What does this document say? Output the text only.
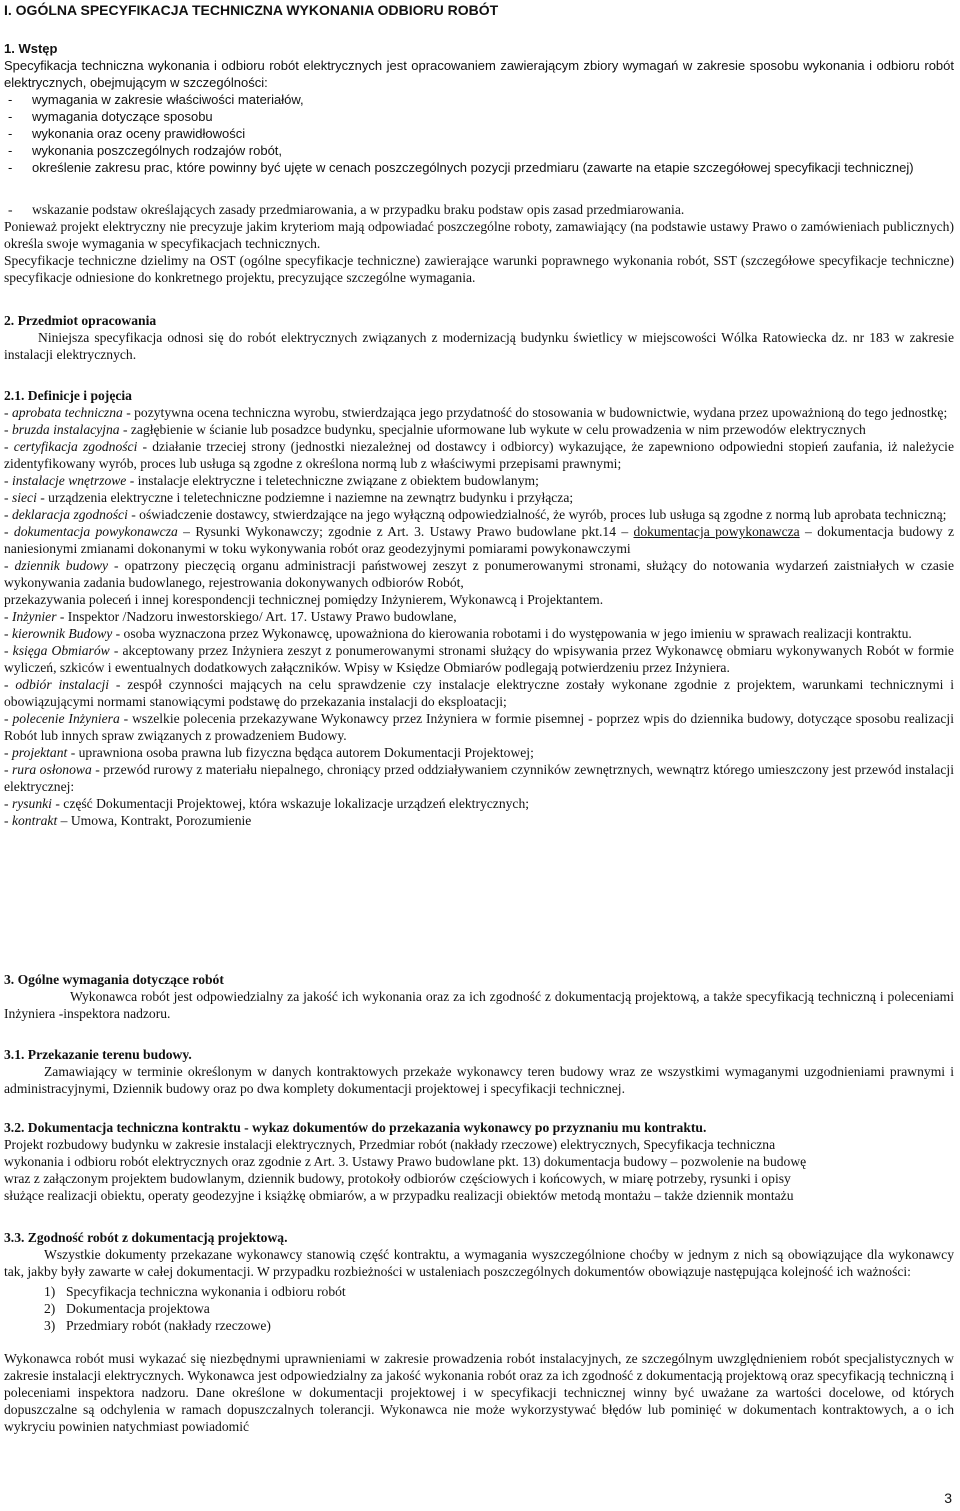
I. OGÓLNA SPECYFIKACJA TECHNICZNA WYKONANIA ODBIORU ROBÓT

1. Wstęp

Specyfikacja techniczna wykonania i odbioru robót elektrycznych jest opracowaniem zawierającym zbiory wymagań w zakresie sposobu wykonania i odbioru robót elektrycznych, obejmującym w szczególności:

-	wymagania w zakresie właściwości materiałów,
-	wymagania dotyczące sposobu
-	wykonania oraz oceny prawidłowości
-	wykonania poszczególnych rodzajów robót,
-	określenie zakresu prac, które powinny być ujęte w cenach poszczególnych pozycji przedmiaru (zawarte na etapie szczegółowej specyfikacji technicznej)
-	wskazanie podstaw określających zasady przedmiarowania, a w przypadku braku podstaw opis zasad przedmiarowania.

Ponieważ projekt elektryczny nie precyzuje jakim kryteriom mają odpowiadać poszczególne roboty, zamawiający (na podstawie ustawy Prawo o zamówieniach publicznych) określa swoje wymagania w specyfikacjach technicznych.

Specyfikacje techniczne dzielimy na OST (ogólne specyfikacje techniczne) zawierające warunki poprawnego wykonania robót, SST (szczegółowe specyfikacje techniczne) specyfikacje odniesione do konkretnego projektu, precyzujące szczególne wymagania.

2. Przedmiot opracowania

Niniejsza specyfikacja odnosi się do robót elektrycznych związanych z modernizacją budynku świetlicy w miejscowości Wólka Ratowiecka dz. nr 183 w zakresie instalacji elektrycznych.

2.1. Definicje i pojęcia

- aprobata techniczna - pozytywna ocena techniczna wyrobu, stwierdzająca jego przydatność do stosowania w budownictwie, wydana przez upoważnioną do tego jednostkę;

- bruzda instalacyjna - zagłębienie w ścianie lub posadzce budynku, specjalnie uformowane lub wykute w celu prowadzenia w nim przewodów elektrycznych

- certyfikacja zgodności - działanie trzeciej strony (jednostki niezależnej od dostawcy i odbiorcy) wykazujące, że zapewniono odpowiedni stopień zaufania, iż należycie zidentyfikowany wyrób, proces lub usługa są zgodne z określona normą lub z właściwymi przepisami prawnymi;

- instalacje wnętrzowe - instalacje elektryczne i teletechniczne związane z obiektem budowlanym;

- sieci - urządzenia elektryczne i teletechniczne podziemne i naziemne na zewnątrz budynku i przyłącza;

- deklaracja zgodności - oświadczenie dostawcy, stwierdzające na jego wyłączną odpowiedzialność, że wyrób, proces lub usługa są zgodne z normą lub aprobata techniczną;

- dokumentacja powykonawcza – Rysunki Wykonawczy; zgodnie z Art. 3. Ustawy Prawo budowlane pkt.14 – dokumentacja powykonawcza – dokumentacja budowy z naniesionymi zmianami dokonanymi w toku wykonywania robót oraz geodezyjnymi pomiarami powykonawczymi

- dziennik budowy - opatrzony pieczęcią organu administracji państwowej zeszyt z ponumerowanymi stronami, służący do notowania wydarzeń zaistniałych w czasie wykonywania zadania budowlanego, rejestrowania dokonywanych odbiorów Robót,

przekazywania poleceń i innej korespondencji technicznej pomiędzy Inżynierem, Wykonawcą i Projektantem.

- Inżynier - Inspektor /Nadzoru inwestorskiego/ Art. 17. Ustawy Prawo budowlane,

- kierownik Budowy - osoba wyznaczona przez Wykonawcę, upoważniona do kierowania robotami i do występowania w jego imieniu w sprawach realizacji kontraktu.

- księga Obmiarów - akceptowany przez Inżyniera zeszyt z ponumerowanymi stronami służący do wpisywania przez Wykonawcę obmiaru wykonywanych Robót w formie wyliczeń, szkiców i ewentualnych dodatkowych załączników. Wpisy w Księdze Obmiarów podlegają potwierdzeniu przez Inżyniera.

- odbiór instalacji - zespół czynności mających na celu sprawdzenie czy instalacje elektryczne zostały wykonane zgodnie z projektem, warunkami technicznymi i obowiązującymi normami stanowiącymi podstawę do przekazania instalacji do eksploatacji;

- polecenie Inżyniera - wszelkie polecenia przekazywane Wykonawcy przez Inżyniera w formie pisemnej - poprzez wpis do dziennika budowy, dotyczące sposobu realizacji Robót lub innych spraw związanych z prowadzeniem Budowy.

- projektant - uprawniona osoba prawna lub fizyczna będąca autorem Dokumentacji Projektowej;

- rura osłonowa - przewód rurowy z materiału niepalnego, chroniący przed oddziaływaniem czynników zewnętrznych, wewnątrz którego umieszczony jest przewód instalacji elektrycznej:

- rysunki - część Dokumentacji Projektowej, która wskazuje lokalizacje urządzeń elektrycznych;

- kontrakt – Umowa, Kontrakt, Porozumienie

3. Ogólne wymagania dotyczące robót

Wykonawca robót jest odpowiedzialny za jakość ich wykonania oraz za ich zgodność z dokumentacją projektową, a także specyfikacją techniczną i poleceniami Inżyniera -inspektora nadzoru.

3.1. Przekazanie terenu budowy.

Zamawiający w terminie określonym w danych kontraktowych przekaże wykonawcy teren budowy wraz ze wszystkimi wymaganymi uzgodnieniami prawnymi i administracyjnymi, Dziennik budowy oraz po dwa komplety dokumentacji projektowej i specyfikacji technicznej.

3.2. Dokumentacja techniczna kontraktu - wykaz dokumentów do przekazania wykonawcy po przyznaniu mu kontraktu.

Projekt rozbudowy budynku w zakresie instalacji elektrycznych, Przedmiar robót (nakłady rzeczowe) elektrycznych, Specyfikacja techniczna

wykonania i odbioru robót elektrycznych oraz zgodnie z Art. 3. Ustawy Prawo budowlane pkt. 13) dokumentacja budowy – pozwolenie na budowę

wraz z załączonym projektem budowlanym, dziennik budowy, protokoły odbiorów częściowych i końcowych, w miarę potrzeby, rysunki i opisy

służące realizacji obiektu, operaty geodezyjne i książkę obmiarów, a w przypadku realizacji obiektów metodą montażu – także dziennik montażu

3.3. Zgodność robót z dokumentacją projektową.

Wszystkie dokumenty przekazane wykonawcy stanowią część kontraktu, a wymagania wyszczególnione choćby w jednym z nich są obowiązujące dla wykonawcy tak, jakby były zawarte w całej dokumentacji. W przypadku rozbieżności w ustaleniach poszczególnych dokumentów obowiązuje następująca kolejność ich ważności:

1) Specyfikacja techniczna wykonania i odbioru robót
2) Dokumentacja projektowa
3) Przedmiary robót (nakłady rzeczowe)

Wykonawca robót musi wykazać się niezbędnymi uprawnieniami w zakresie prowadzenia robót instalacyjnych, ze szczególnym uwzględnieniem robót specjalistycznych w zakresie instalacji elektrycznych. Wykonawca jest odpowiedzialny za jakość wykonania robót oraz za ich zgodność z dokumentacją projektową oraz specyfikacją techniczną i poleceniami inspektora nadzoru. Dane określone w dokumentacji projektowej i w specyfikacji technicznej winny być uważane za wartości docelowe, od których dopuszczalne są odchylenia w ramach dopuszczalnych tolerancji. Wykonawca nie może wykorzystywać błędów lub pominięć w dokumentach kontraktowych, a o ich wykryciu powinien natychmiast powiadomić

3
